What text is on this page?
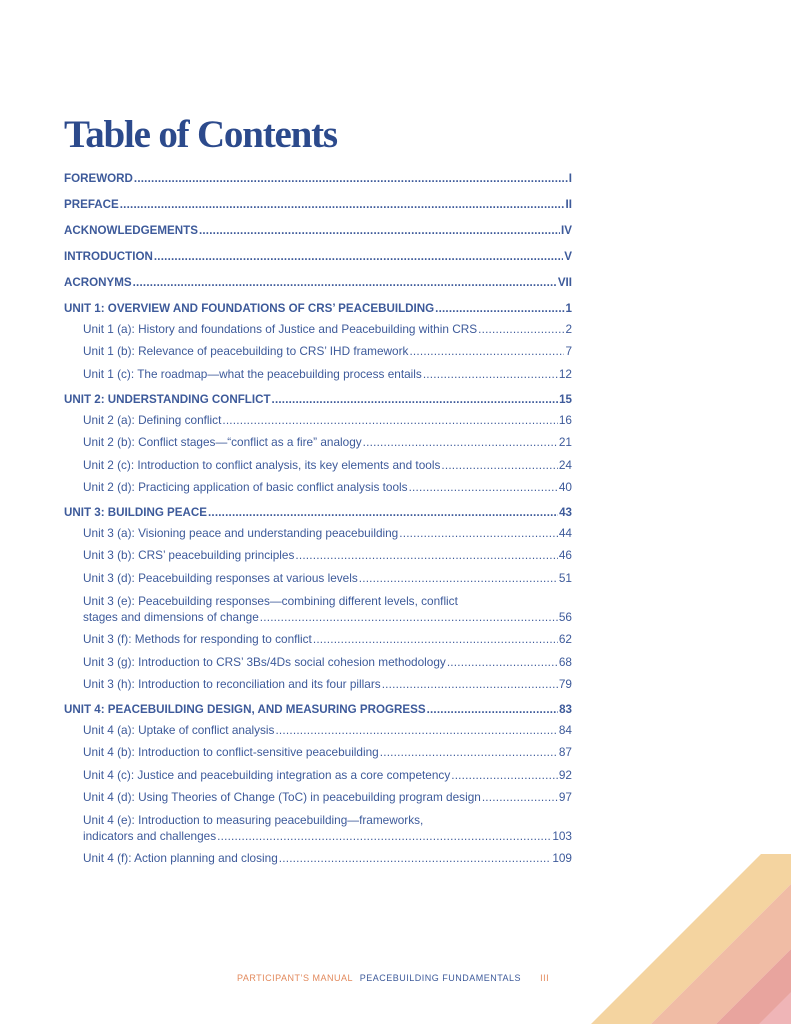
Table of Contents
FOREWORD .....	I
PREFACE .....	II
ACKNOWLEDGEMENTS .....	IV
INTRODUCTION .....	V
ACRONYMS .....	VII
UNIT 1: OVERVIEW AND FOUNDATIONS OF CRS’ PEACEBUILDING .....	1
Unit 1 (a): History and foundations of Justice and Peacebuilding within CRS .....	2
Unit 1 (b): Relevance of peacebuilding to CRS’ IHD framework .....	7
Unit 1 (c): The roadmap—what the peacebuilding process entails .....	12
UNIT 2: UNDERSTANDING CONFLICT .....	15
Unit 2 (a): Defining conflict .....	16
Unit 2 (b): Conflict stages—“conflict as a fire” analogy .....	21
Unit 2 (c): Introduction to conflict analysis, its key elements and tools .....	24
Unit 2 (d): Practicing application of basic conflict analysis tools .....	40
UNIT 3: BUILDING PEACE .....	43
Unit 3 (a): Visioning peace and understanding peacebuilding .....	44
Unit 3 (b): CRS’ peacebuilding principles .....	46
Unit 3 (d): Peacebuilding responses at various levels .....	51
Unit 3 (e): Peacebuilding responses—combining different levels, conflict
stages and dimensions of change .....	56
Unit 3 (f): Methods for responding to conflict .....	62
Unit 3 (g): Introduction to CRS’ 3Bs/4Ds social cohesion methodology .....	68
Unit 3 (h): Introduction to reconciliation and its four pillars .....	79
UNIT 4: PEACEBUILDING DESIGN, AND MEASURING PROGRESS .....	83
Unit 4 (a): Uptake of conflict analysis .....	84
Unit 4 (b): Introduction to conflict-sensitive peacebuilding .....	87
Unit 4 (c): Justice and peacebuilding integration as a core competency .....	92
Unit 4 (d): Using Theories of Change (ToC) in peacebuilding program design .....	97
Unit 4 (e): Introduction to measuring peacebuilding—frameworks,
indicators and challenges .....	103
Unit 4 (f): Action planning and closing .....	109
PARTICIPANT’S MANUAL PEACEBUILDING FUNDAMENTALS III
